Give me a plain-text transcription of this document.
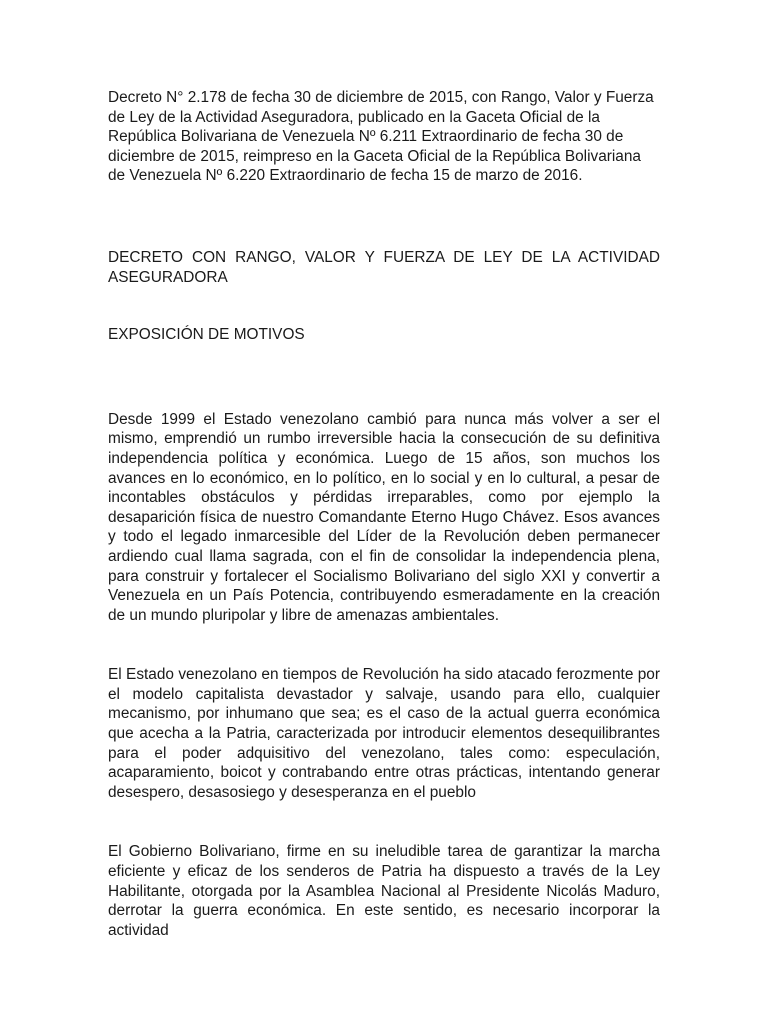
Decreto N° 2.178 de fecha 30 de diciembre de 2015, con Rango, Valor y Fuerza de Ley de la Actividad Aseguradora, publicado en la Gaceta Oficial de la República Bolivariana de Venezuela Nº 6.211 Extraordinario de fecha 30 de diciembre de 2015, reimpreso en la Gaceta Oficial de la República Bolivariana de Venezuela Nº 6.220 Extraordinario de fecha 15 de marzo de 2016.

DECRETO CON RANGO, VALOR Y FUERZA DE LEY DE LA ACTIVIDAD ASEGURADORA

EXPOSICIÓN DE MOTIVOS

Desde 1999 el Estado venezolano cambió para nunca más volver a ser el mismo, emprendió un rumbo irreversible hacia la consecución de su definitiva independencia política y económica. Luego de 15 años, son muchos los avances en lo económico, en lo político, en lo social y en lo cultural, a pesar de incontables obstáculos y pérdidas irreparables, como por ejemplo la desaparición física de nuestro Comandante Eterno Hugo Chávez. Esos avances y todo el legado inmarcesible del Líder de la Revolución deben permanecer ardiendo cual llama sagrada, con el fin de consolidar la independencia plena, para construir y fortalecer el Socialismo Bolivariano del siglo XXI y convertir a Venezuela en un País Potencia, contribuyendo esmeradamente en la creación de un mundo pluripolar y libre de amenazas ambientales.

El Estado venezolano en tiempos de Revolución ha sido atacado ferozmente por el modelo capitalista devastador y salvaje, usando para ello, cualquier mecanismo, por inhumano que sea; es el caso de la actual guerra económica que acecha a la Patria, caracterizada por introducir elementos desequilibrantes para el poder adquisitivo del venezolano, tales como: especulación, acaparamiento, boicot y contrabando entre otras prácticas, intentando generar desespero, desasosiego y desesperanza en el pueblo

El Gobierno Bolivariano, firme en su ineludible tarea de garantizar la marcha eficiente y eficaz de los senderos de Patria ha dispuesto a través de la Ley Habilitante, otorgada por la Asamblea Nacional al Presidente Nicolás Maduro, derrotar la guerra económica. En este sentido, es necesario incorporar la actividad
